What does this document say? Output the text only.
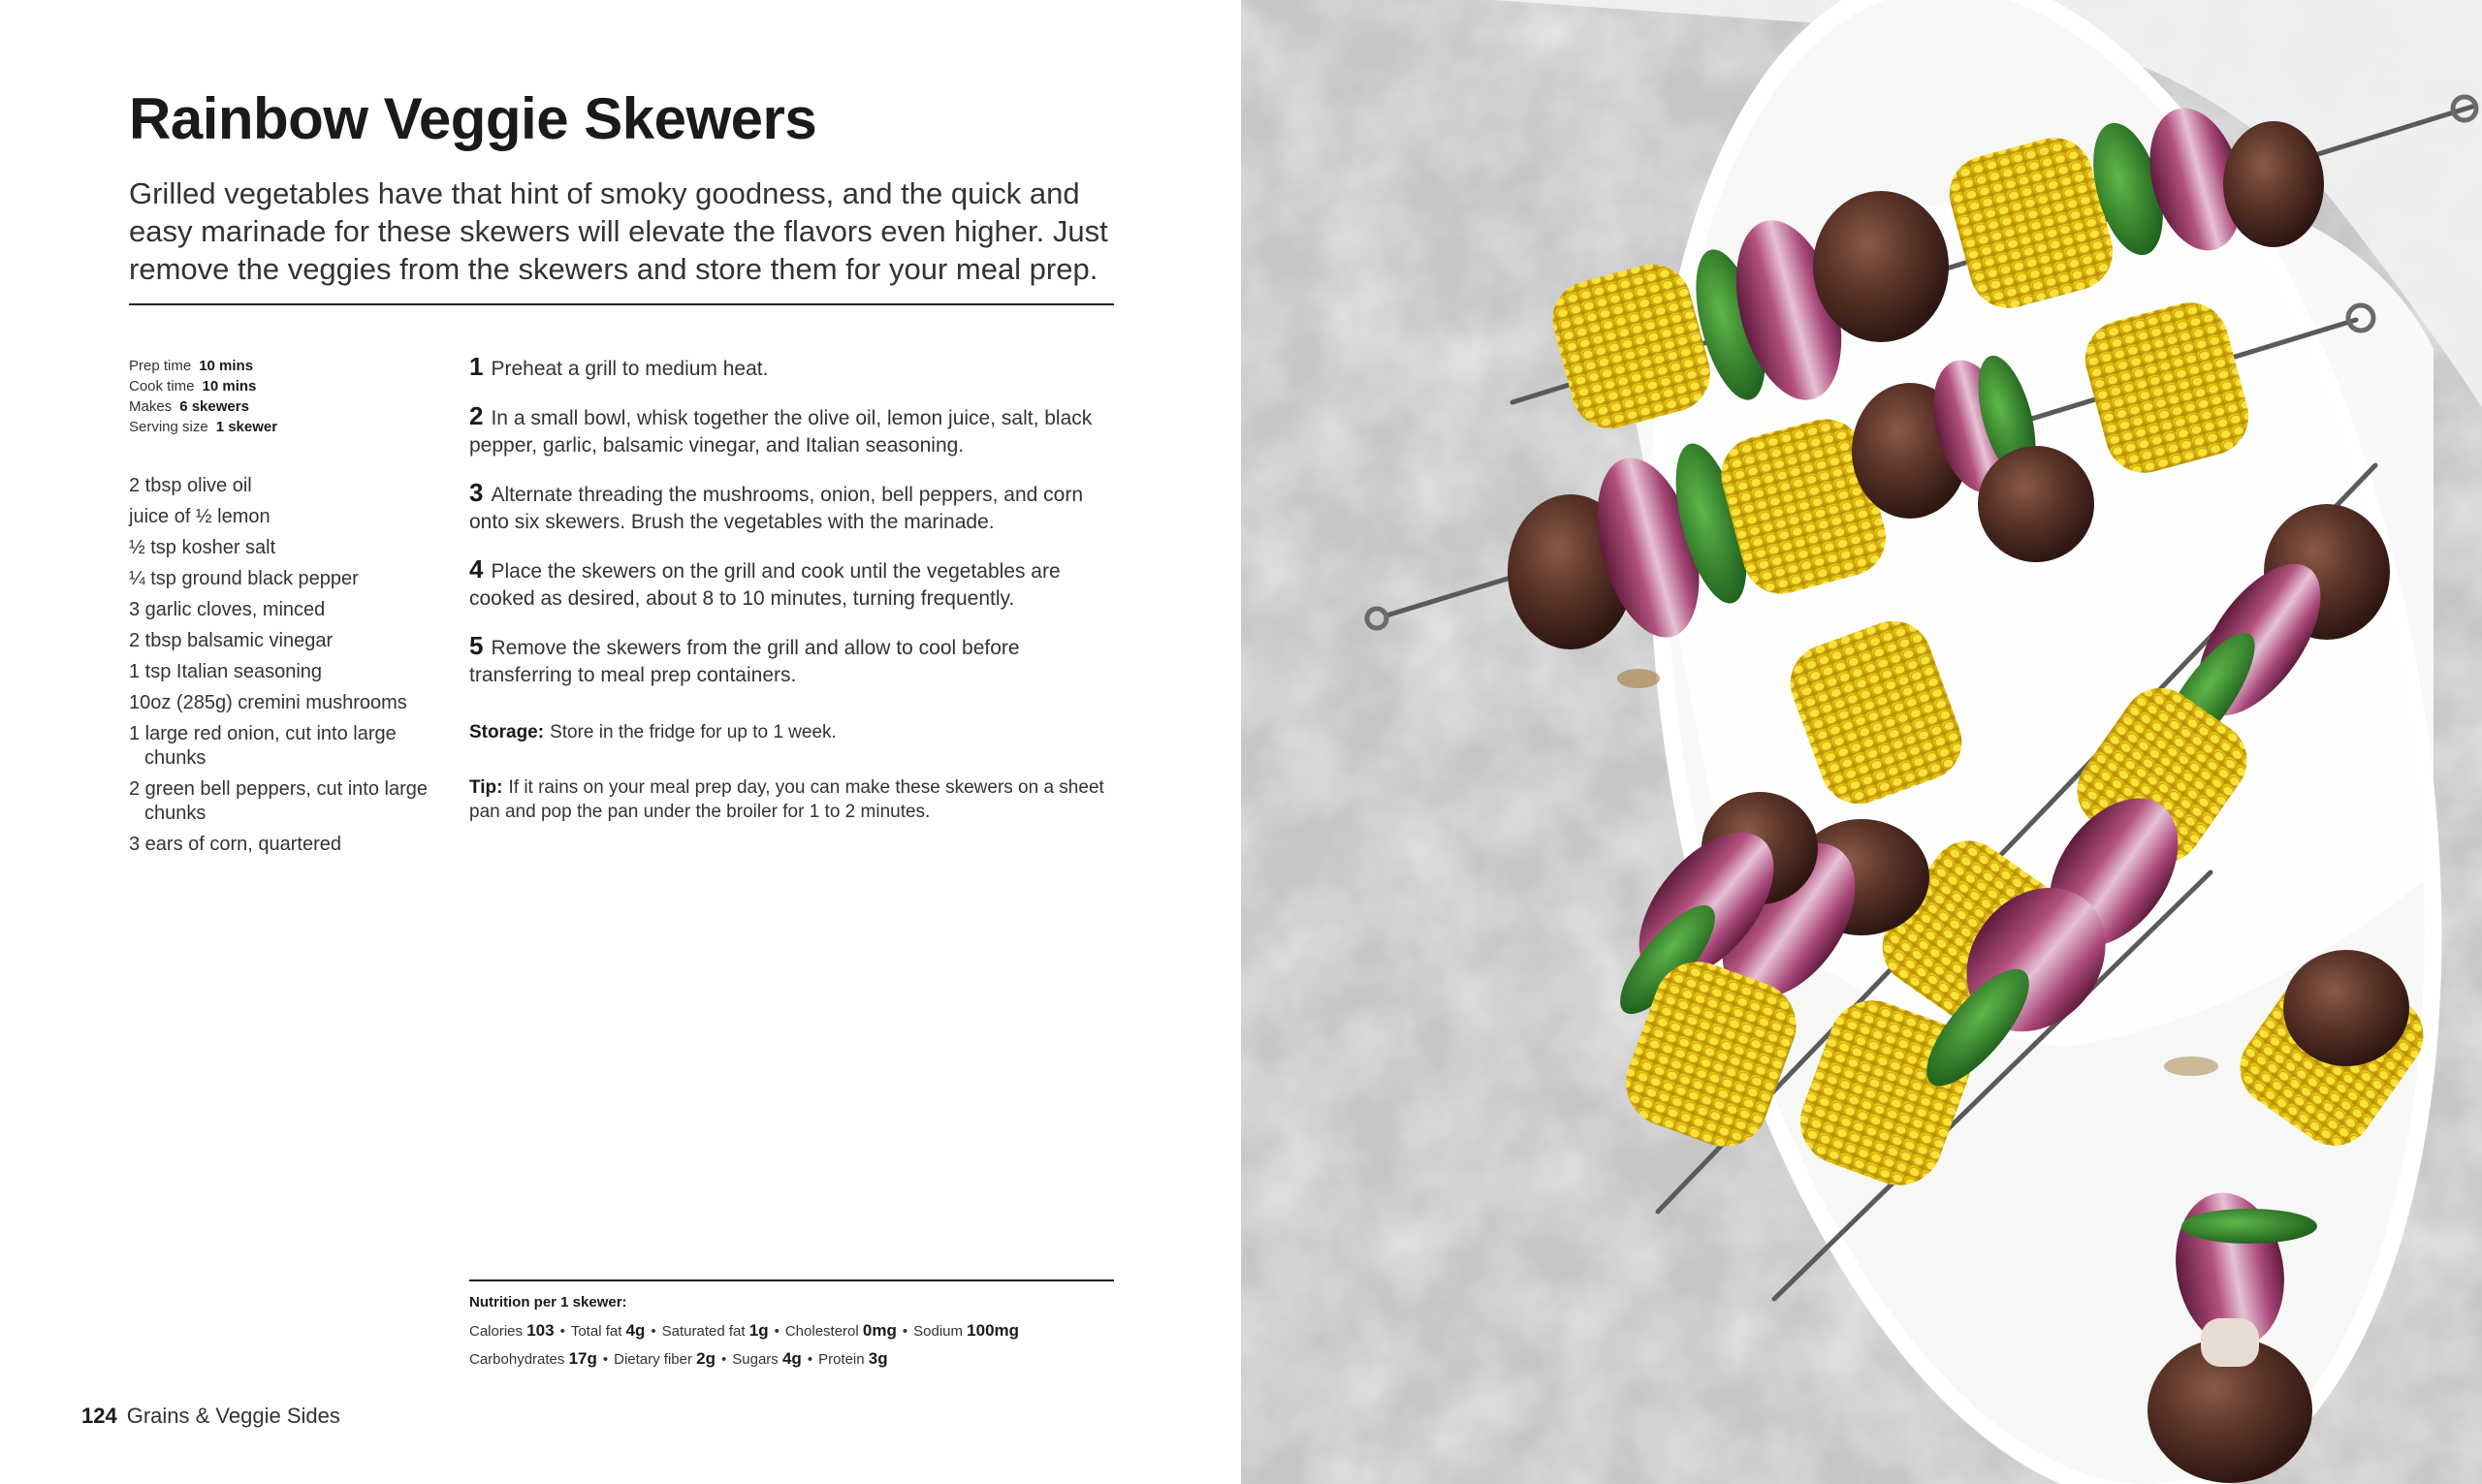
Rainbow Veggie Skewers
Grilled vegetables have that hint of smoky goodness, and the quick and easy marinade for these skewers will elevate the flavors even higher. Just remove the veggies from the skewers and store them for your meal prep.
Prep time 10 mins
Cook time 10 mins
Makes 6 skewers
Serving size 1 skewer
2 tbsp olive oil
juice of ½ lemon
½ tsp kosher salt
¼ tsp ground black pepper
3 garlic cloves, minced
2 tbsp balsamic vinegar
1 tsp Italian seasoning
10oz (285g) cremini mushrooms
1 large red onion, cut into large chunks
2 green bell peppers, cut into large chunks
3 ears of corn, quartered
1 Preheat a grill to medium heat.
2 In a small bowl, whisk together the olive oil, lemon juice, salt, black pepper, garlic, balsamic vinegar, and Italian seasoning.
3 Alternate threading the mushrooms, onion, bell peppers, and corn onto six skewers. Brush the vegetables with the marinade.
4 Place the skewers on the grill and cook until the vegetables are cooked as desired, about 8 to 10 minutes, turning frequently.
5 Remove the skewers from the grill and allow to cool before transferring to meal prep containers.
Storage: Store in the fridge for up to 1 week.
Tip: If it rains on your meal prep day, you can make these skewers on a sheet pan and pop the pan under the broiler for 1 to 2 minutes.
Nutrition per 1 skewer:
Calories 103 • Total fat 4g • Saturated fat 1g • Cholesterol 0mg • Sodium 100mg
Carbohydrates 17g • Dietary fiber 2g • Sugars 4g • Protein 3g
124 Grains & Veggie Sides
